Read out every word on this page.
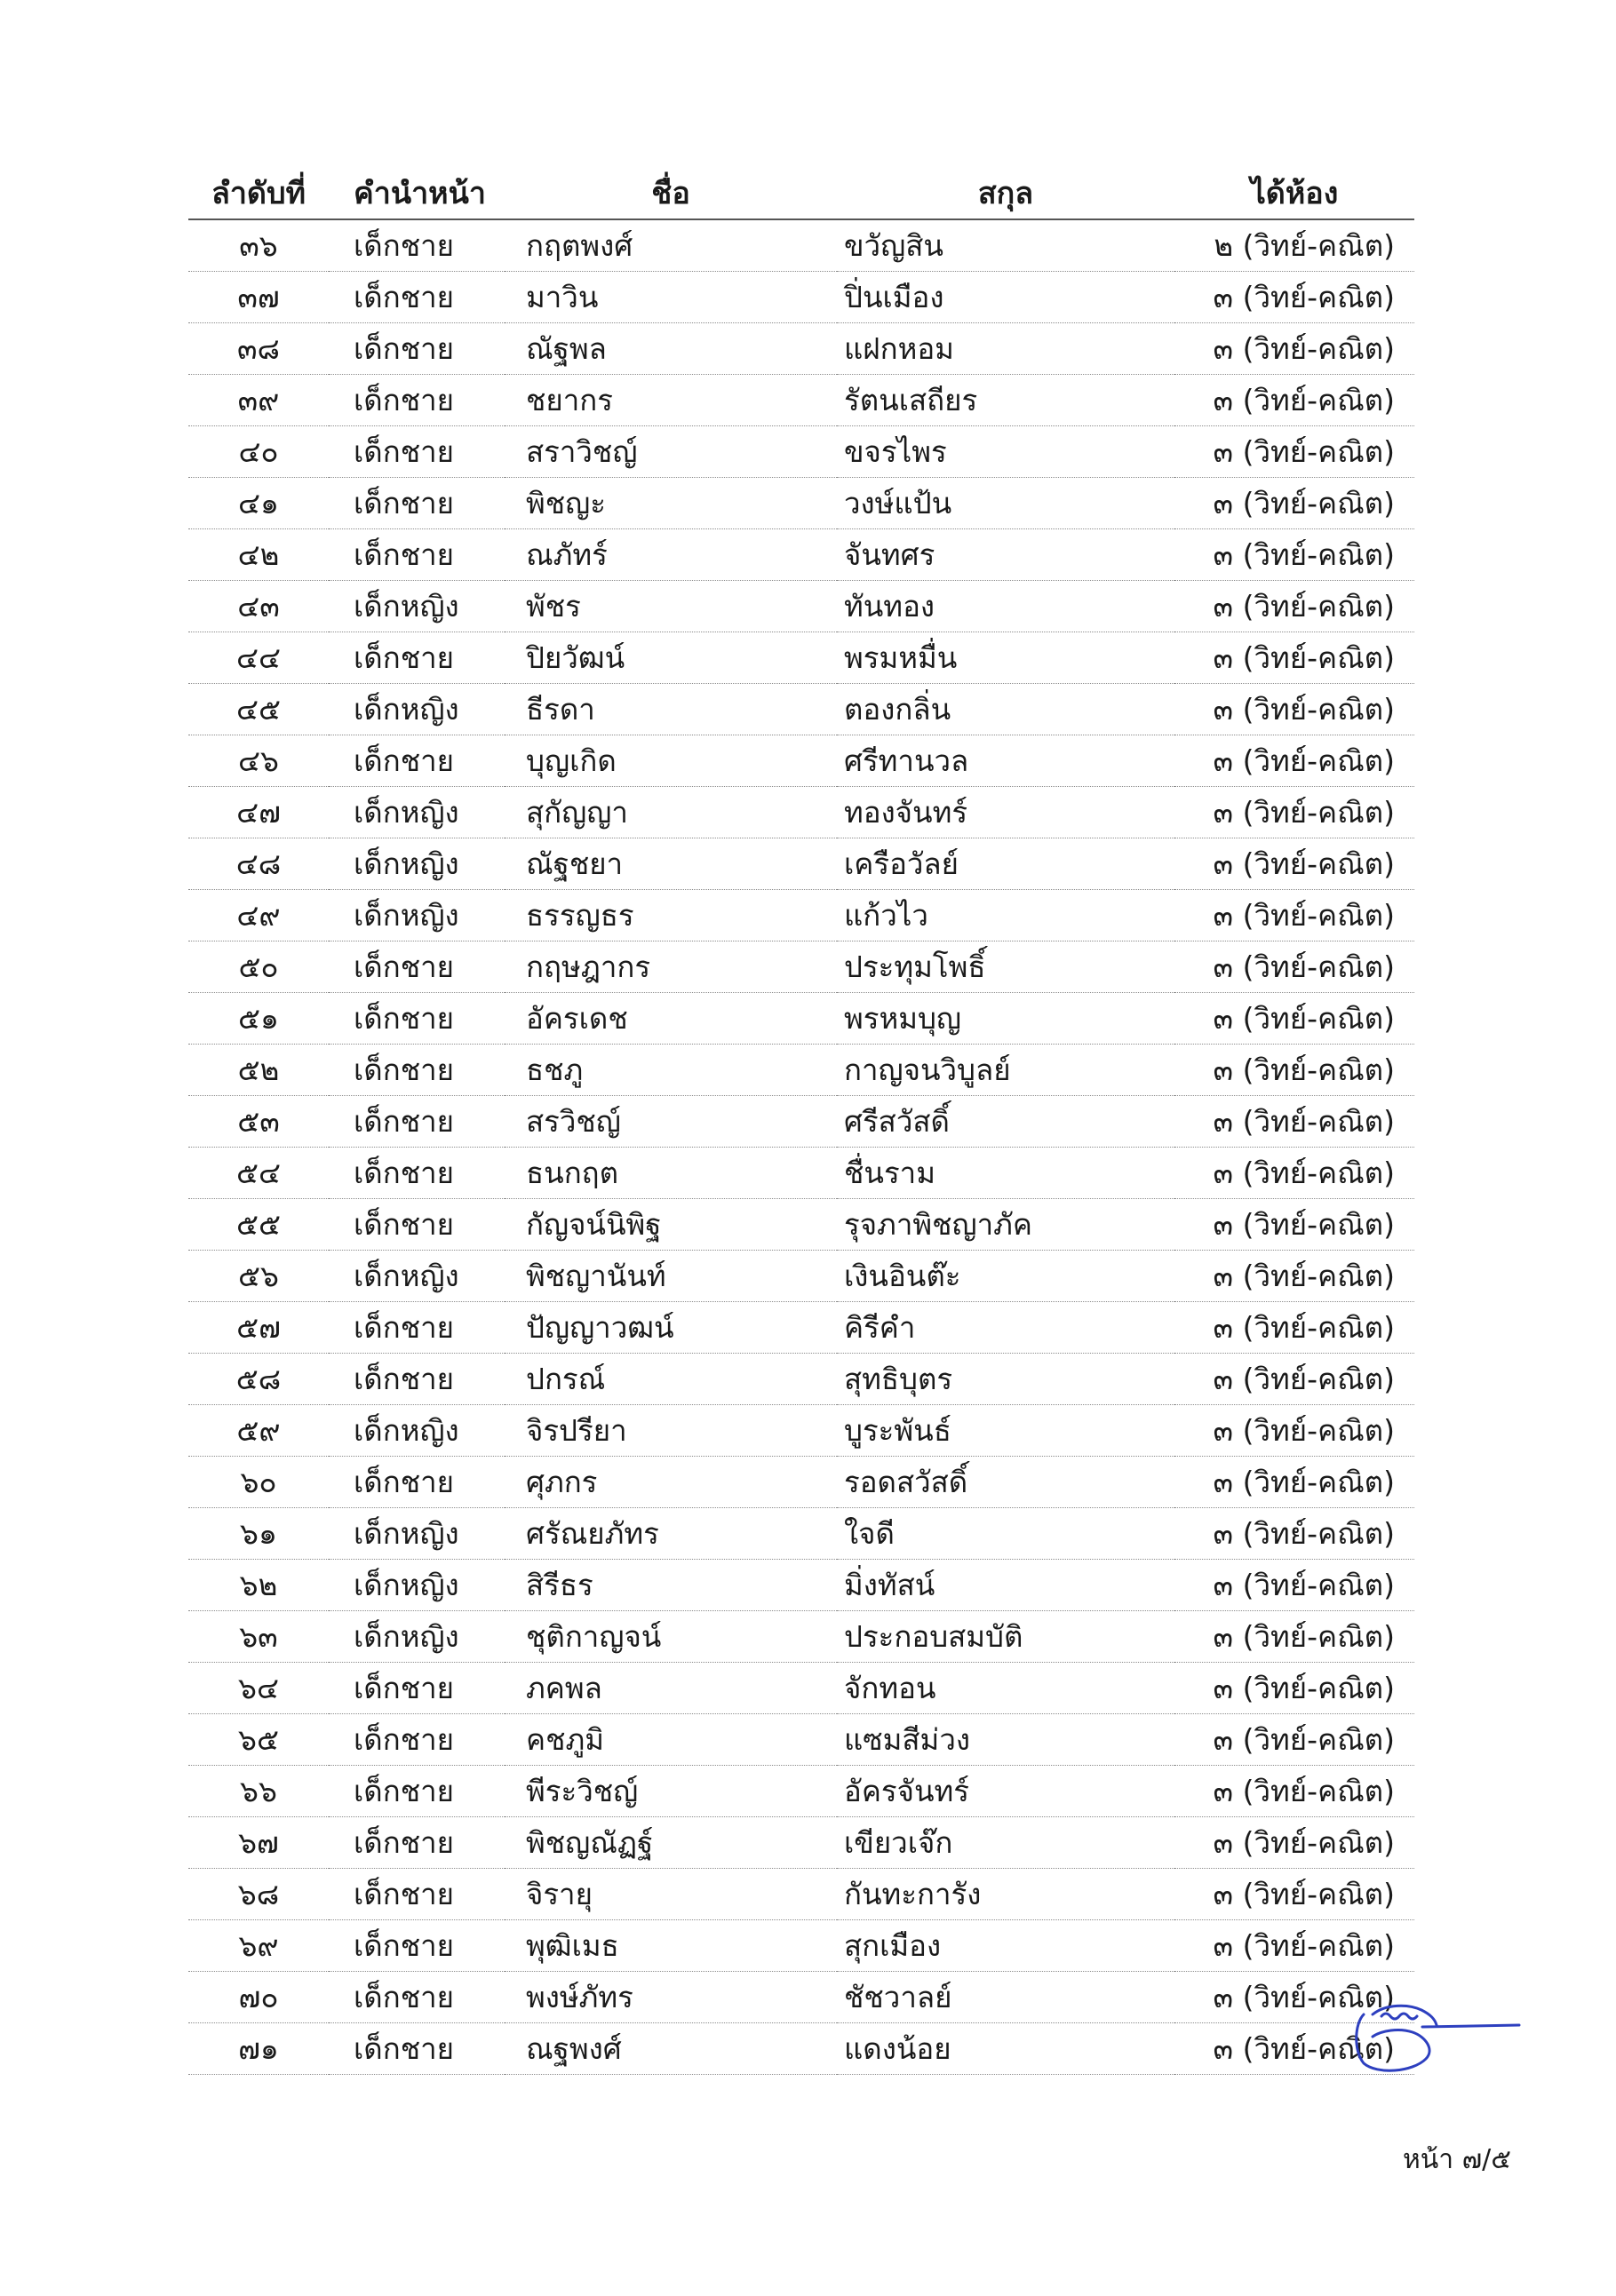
ลำดับที่	คำนำหน้า	ชื่อ	สกุล	ได้ห้อง
๓๖	เด็กชาย	กฤตพงศ์	ขวัญสิน	๒ (วิทย์-คณิต)
๓๗	เด็กชาย	มาวิน	ปิ่นเมือง	๓ (วิทย์-คณิต)
๓๘	เด็กชาย	ณัฐพล	แฝกหอม	๓ (วิทย์-คณิต)
๓๙	เด็กชาย	ชยากร	รัตนเสถียร	๓ (วิทย์-คณิต)
๔๐	เด็กชาย	สราวิชญ์	ขจรไพร	๓ (วิทย์-คณิต)
๔๑	เด็กชาย	พิชญะ	วงษ์แป้น	๓ (วิทย์-คณิต)
๔๒	เด็กชาย	ณภัทร์	จันทศร	๓ (วิทย์-คณิต)
๔๓	เด็กหญิง	พัชร	ทันทอง	๓ (วิทย์-คณิต)
๔๔	เด็กชาย	ปิยวัฒน์	พรมหมื่น	๓ (วิทย์-คณิต)
๔๕	เด็กหญิง	ธีรดา	ตองกลิ่น	๓ (วิทย์-คณิต)
๔๖	เด็กชาย	บุญเกิด	ศรีทานวล	๓ (วิทย์-คณิต)
๔๗	เด็กหญิง	สุกัญญา	ทองจันทร์	๓ (วิทย์-คณิต)
๔๘	เด็กหญิง	ณัฐชยา	เครือวัลย์	๓ (วิทย์-คณิต)
๔๙	เด็กหญิง	ธรรญธร	แก้วไว	๓ (วิทย์-คณิต)
๕๐	เด็กชาย	กฤษฎากร	ประทุมโพธิ์	๓ (วิทย์-คณิต)
๕๑	เด็กชาย	อัครเดช	พรหมบุญ	๓ (วิทย์-คณิต)
๕๒	เด็กชาย	ธชภู	กาญจนวิบูลย์	๓ (วิทย์-คณิต)
๕๓	เด็กชาย	สรวิชญ์	ศรีสวัสดิ์	๓ (วิทย์-คณิต)
๕๔	เด็กชาย	ธนกฤต	ชื่นราม	๓ (วิทย์-คณิต)
๕๕	เด็กชาย	กัญจน์นิพิฐ	รุจภาพิชญาภัค	๓ (วิทย์-คณิต)
๕๖	เด็กหญิง	พิชญานันท์	เงินอินต๊ะ	๓ (วิทย์-คณิต)
๕๗	เด็กชาย	ปัญญาวฒน์	คิรีคำ	๓ (วิทย์-คณิต)
๕๘	เด็กชาย	ปกรณ์	สุทธิบุตร	๓ (วิทย์-คณิต)
๕๙	เด็กหญิง	จิรปรียา	บูระพันธ์	๓ (วิทย์-คณิต)
๖๐	เด็กชาย	ศุภกร	รอดสวัสดิ์	๓ (วิทย์-คณิต)
๖๑	เด็กหญิง	ศรัณยภัทร	ใจดี	๓ (วิทย์-คณิต)
๖๒	เด็กหญิง	สิรีธร	มิ่งทัสน์	๓ (วิทย์-คณิต)
๖๓	เด็กหญิง	ชุติกาญจน์	ประกอบสมบัติ	๓ (วิทย์-คณิต)
๖๔	เด็กชาย	ภคพล	จักทอน	๓ (วิทย์-คณิต)
๖๕	เด็กชาย	คชภูมิ	แซมสีม่วง	๓ (วิทย์-คณิต)
๖๖	เด็กชาย	พีระวิชญ์	อัครจันทร์	๓ (วิทย์-คณิต)
๖๗	เด็กชาย	พิชญณัฏฐ์	เขียวเจ๊ก	๓ (วิทย์-คณิต)
๖๘	เด็กชาย	จิรายุ	กันทะการัง	๓ (วิทย์-คณิต)
๖๙	เด็กชาย	พุฒิเมธ	สุกเมือง	๓ (วิทย์-คณิต)
๗๐	เด็กชาย	พงษ์ภัทร	ชัชวาลย์	๓ (วิทย์-คณิต)
๗๑	เด็กชาย	ณฐพงศ์	แดงน้อย	๓ (วิทย์-คณิต)
หน้า ๗/๕
